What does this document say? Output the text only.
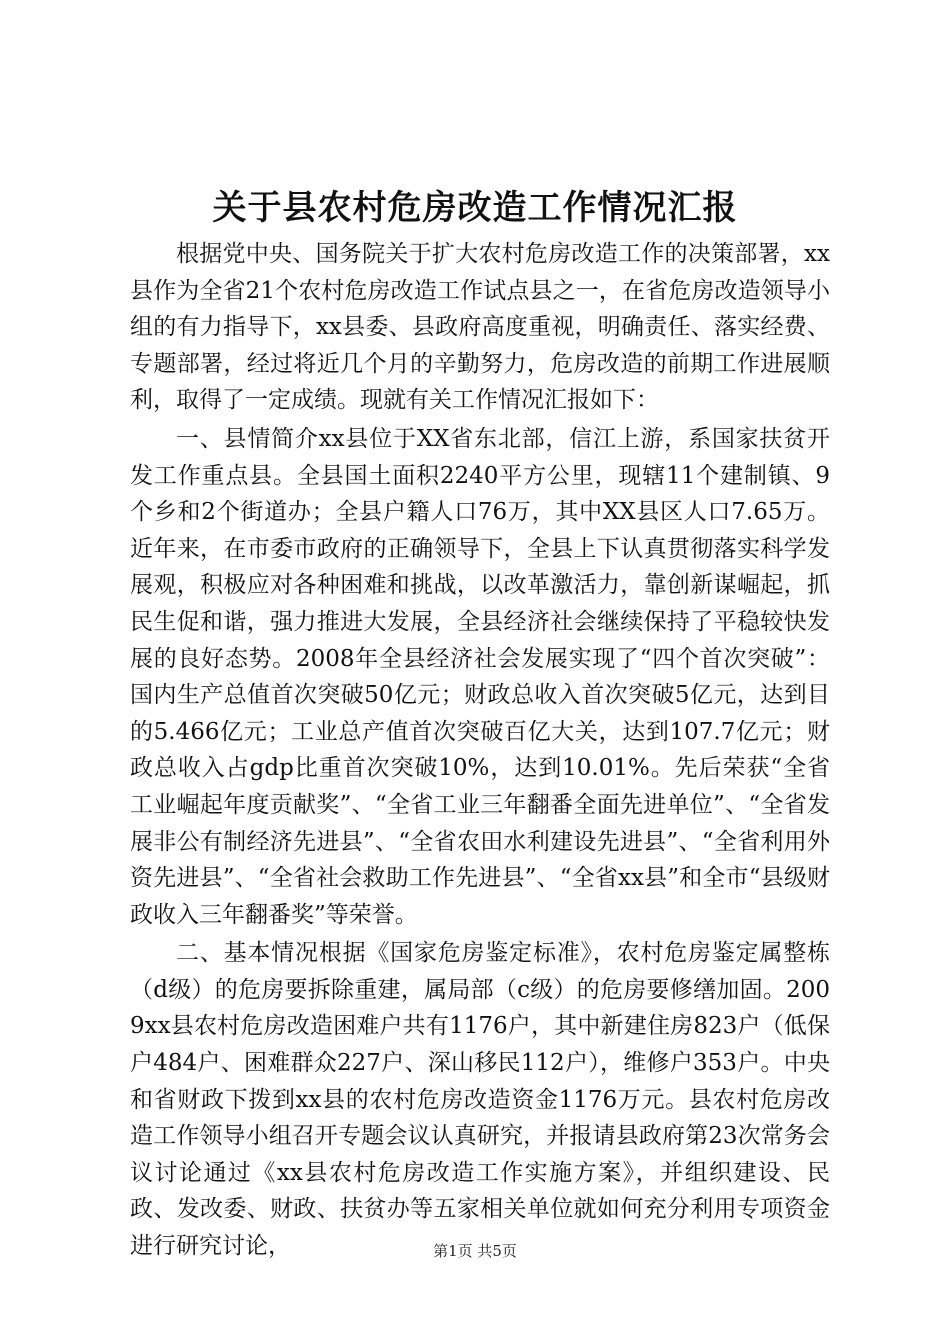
关于县农村危房改造工作情况汇报

根据党中央、国务院关于扩大农村危房改造工作的决策部署，xx县作为全省21个农村危房改造工作试点县之一，在省危房改造领导小组的有力指导下，xx县委、县政府高度重视，明确责任、落实经费、专题部署，经过将近几个月的辛勤努力，危房改造的前期工作进展顺利，取得了一定成绩。现就有关工作情况汇报如下：

一、县情简介xx县位于XX省东北部，信江上游，系国家扶贫开发工作重点县。全县国土面积2240平方公里，现辖11个建制镇、9个乡和2个街道办；全县户籍人口76万，其中XX县区人口7.65万。近年来，在市委市政府的正确领导下，全县上下认真贯彻落实科学发展观，积极应对各种困难和挑战，以改革激活力，靠创新谋崛起，抓民生促和谐，强力推进大发展，全县经济社会继续保持了平稳较快发展的良好态势。2008年全县经济社会发展实现了“四个首次突破”：国内生产总值首次突破50亿元；财政总收入首次突破5亿元，达到目的5.466亿元；工业总产值首次突破百亿大关，达到107.7亿元；财政总收入占gdp比重首次突破10%，达到10.01%。先后荣获“全省工业崛起年度贡献奖”、“全省工业三年翻番全面先进单位”、“全省发展非公有制经济先进县”、“全省农田水利建设先进县”、“全省利用外资先进县”、“全省社会救助工作先进县”、“全省xx县”和全市“县级财政收入三年翻番奖”等荣誉。

二、基本情况根据《国家危房鉴定标准》，农村危房鉴定属整栋（d级）的危房要拆除重建，属局部（c级）的危房要修缮加固。2009xx县农村危房改造困难户共有1176户，其中新建住房823户（低保户484户、困难群众227户、深山移民112户），维修户353户。中央和省财政下拨到xx县的农村危房改造资金1176万元。县农村危房改造工作领导小组召开专题会议认真研究，并报请县政府第23次常务会议讨论通过《xx县农村危房改造工作实施方案》，并组织建设、民政、发改委、财政、扶贫办等五家相关单位就如何充分利用专项资金进行研究讨论，	第1页 共5页
